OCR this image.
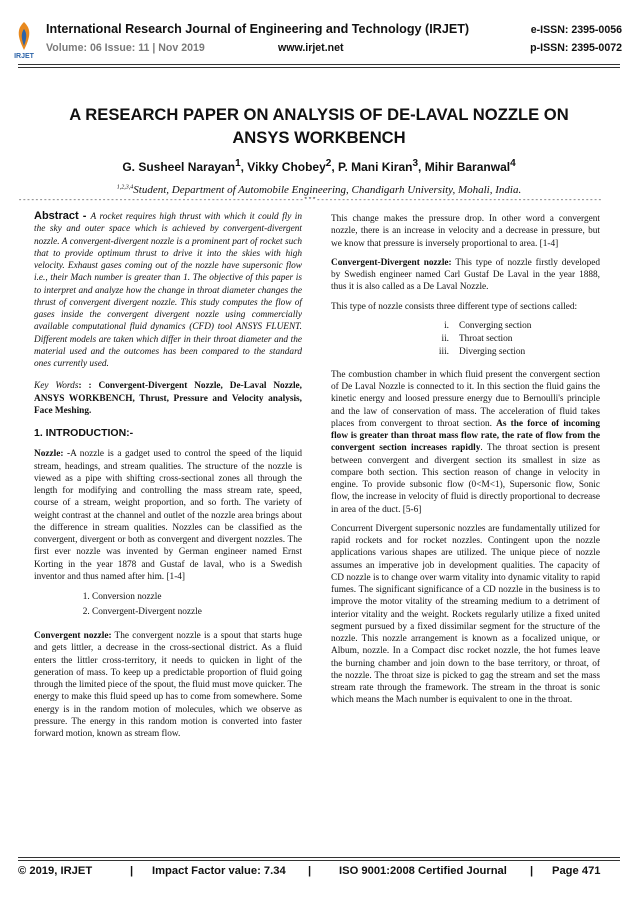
IRJET
International Research Journal of Engineering and Technology (IRJET)
Volume: 06 Issue: 11 | Nov 2019	www.irjet.net
e-ISSN: 2395-0056
p-ISSN: 2395-0072
A RESEARCH PAPER ON ANALYSIS OF DE-LAVAL NOZZLE ON
ANSYS WORKBENCH
G. Susheel Narayan$^1$, Vikky Chobey$^2$, P. Mani Kiran$^3$, Mihir Baranwal$^4$
$^{1,2,3,4}$Student, Department of Automobile Engineering, Chandigarh University, Mohali, India.
--------------------------------------------------------------------***--------------------------------------------------------------------

Abstract - A rocket requires high thrust with which it could fly in the sky and outer space which is achieved by convergent-divergent nozzle. A convergent-divergent nozzle is a prominent part of rocket such that to provide optimum thrust to drive it into the skies with high velocity. Exhaust gases coming out of the nozzle have supersonic flow i.e., their Mach number is greater than 1. The objective of this paper is to interpret and analyze how the change in throat diameter changes the thrust of convergent divergent nozzle. This study computes the flow of gases inside the convergent divergent nozzle using commercially available computational fluid dynamics (CFD) tool ANSYS FLUENT. Different models are taken which differ in their throat diameter and the material used and the outcomes has been compared to the standard ones currently used.

Key Words: : Convergent-Divergent Nozzle, De-Laval Nozzle, ANSYS WORKBENCH, Thrust, Pressure and Velocity analysis, Face Meshing.

1. INTRODUCTION:-

Nozzle: -A nozzle is a gadget used to control the speed of the liquid stream, headings, and stream qualities. The structure of the nozzle is viewed as a pipe with shifting cross-sectional zones all through the length for modifying and controlling the mass stream rate, speed, course of a stream, weight proportion, and so forth. The variety of weight contrast at the channel and outlet of the nozzle area brings about the difference in stream qualities. Nozzles can be classified as the convergent, divergent or both as convergent and divergent nozzles. The first ever nozzle was invented by German engineer named Ernst Korting in the year 1878 and Gustaf de laval, who is a Swedish inventor and thus named after him. [1-4]

1. Conversion nozzle
2. Convergent-Divergent nozzle

Convergent nozzle: The convergent nozzle is a spout that starts huge and gets littler, a decrease in the cross-sectional district. As a fluid enters the littler cross-territory, it needs to quicken in light of the generation of mass. To keep up a predictable proportion of fluid going through the limited piece of the spout, the fluid must move quicker. The energy to make this fluid speed up has to come from somewhere. Some energy is in the random motion of molecules, which we observe as pressure. The energy in this random motion is converted into faster forward motion, known as stream flow.

This change makes the pressure drop. In other word a convergent nozzle, there is an increase in velocity and a decrease in pressure, but we know that pressure is inversely proportional to area. [1-4]

Convergent-Divergent nozzle: This type of nozzle firstly developed by Swedish engineer named Carl Gustaf De Laval in the year 1888, thus it is also called as a De Laval Nozzle.

This type of nozzle consists three different type of sections called:

i.	Converging section
ii.	Throat section
iii.	Diverging section

The combustion chamber in which fluid present the convergent section of De Laval Nozzle is connected to it. In this section the fluid gains the kinetic energy and loosed pressure energy due to Bernoulli's principle and the law of conservation of mass. The acceleration of fluid takes places from convergent to throat section. As the force of incoming flow is greater than throat mass flow rate, the rate of flow from the convergent section increases rapidly. The throat section is present between convergent and divergent section its smallest in size as compare both section. This section reason of change in velocity in engine. To provide subsonic flow (0<M<1), Supersonic flow, Sonic flow, the increase in velocity of fluid is directly proportional to decrease in area of the duct. [5-6]

Concurrent Divergent supersonic nozzles are fundamentally utilized for rapid rockets and for rocket nozzles. Contingent upon the nozzle applications various shapes are utilized. The unique piece of nozzle assumes an imperative job in development qualities. The capacity of CD nozzle is to change over warm vitality into dynamic vitality to rapid fumes. The significant significance of a CD nozzle in the business is to improve the motor vitality of the streaming medium to a detriment of interior vitality and the weight. Rockets regularly utilize a fixed united segment pursued by a fixed dissimilar segment for the structure of the nozzle. This nozzle arrangement is known as a focalized unique, or Album, nozzle. In a Compact disc rocket nozzle, the hot fumes leave the burning chamber and join down to the base territory, or throat, of the nozzle. The throat size is picked to gag the stream and set the mass stream rate through the framework. The stream in the throat is sonic which means the Mach number is equivalent to one in the throat.

© 2019, IRJET	| Impact Factor value: 7.34 | ISO 9001:2008 Certified Journal | Page 471
